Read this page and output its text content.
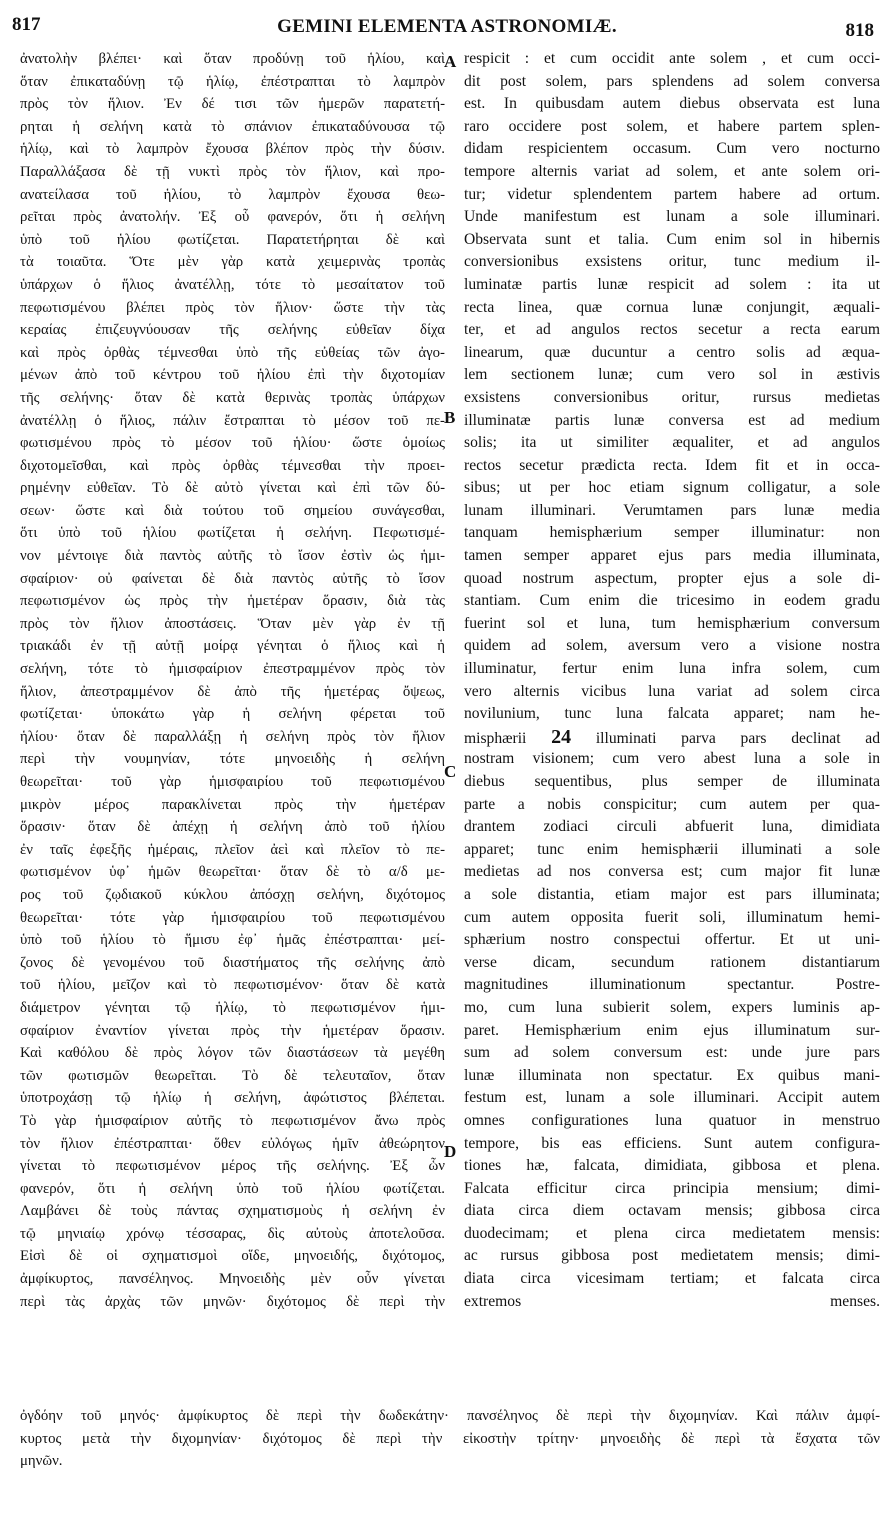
817	GEMINI ELEMENTA ASTRONOMIÆ.	818
ἀνατολὴν βλέπει· καὶ ὅταν προδύνῃ τοῦ ἡλίου, καὶ
ὅταν ἐπικαταδύνῃ τῷ ἡλίῳ, ἐπέστραπται τὸ λαμπρὸν
πρὸς τὸν ἥλιον. Ἐν δέ τισι τῶν ἡμερῶν παρατετή-
ρηται ἡ σελήνη κατὰ τὸ σπάνιον ἐπικαταδύνουσα τῷ
ἡλίῳ, καὶ τὸ λαμπρὸν ἔχουσα βλέπον πρὸς τὴν δύσιν.
Παραλλάξασα δὲ τῇ νυκτὶ πρὸς τὸν ἥλιον, καὶ προ-
ανατείλασα τοῦ ἡλίου, τὸ λαμπρὸν ἔχουσα θεω-
ρεῖται πρὸς ἀνατολήν. Ἐξ οὗ φανερόν, ὅτι ἡ σελήνη
ὑπὸ τοῦ ἡλίου φωτίζεται. Παρατετήρηται δὲ καὶ
τὰ τοιαῦτα. Ὅτε μὲν γὰρ κατὰ χειμερινὰς τροπὰς
ὑπάρχων ὁ ἥλιος ἀνατέλλῃ, τότε τὸ μεσαίτατον τοῦ
πεφωτισμένου βλέπει πρὸς τὸν ἥλιον· ὥστε τὴν τὰς
κεραίας ἐπιζευγνύουσαν τῆς σελήνης εὐθεῖαν δίχα
καὶ πρὸς ὀρθὰς τέμνεσθαι ὑπὸ τῆς εὐθείας τῶν ἀγο-
μένων ἀπὸ τοῦ κέντρου τοῦ ἡλίου ἐπὶ τὴν διχοτομίαν
τῆς σελήνης· ὅταν δὲ κατὰ θερινὰς τροπὰς ὑπάρχων
ἀνατέλλῃ ὁ ἥλιος, πάλιν ἔστραπται τὸ μέσον τοῦ πε-
φωτισμένου πρὸς τὸ μέσον τοῦ ἡλίου· ὥστε ὁμοίως
διχοτομεῖσθαι, καὶ πρὸς ὀρθὰς τέμνεσθαι τὴν προει-
ρημένην εὐθεῖαν. Τὸ δὲ αὐτὸ γίνεται καὶ ἐπὶ τῶν δύ-
σεων· ὥστε καὶ διὰ τούτου τοῦ σημείου συνάγεσθαι,
ὅτι ὑπὸ τοῦ ἡλίου φωτίζεται ἡ σελήνη. Πεφωτισμέ-
νον μέντοιγε διὰ παντὸς αὐτῆς τὸ ἴσον ἐστὶν ὡς ἡμι-
σφαίριον· οὐ φαίνεται δὲ διὰ παντὸς αὐτῆς τὸ ἴσον
πεφωτισμένον ὡς πρὸς τὴν ἡμετέραν ὅρασιν, διὰ τὰς
πρὸς τὸν ἥλιον ἀποστάσεις. Ὅταν μὲν γὰρ ἐν τῇ
τριακάδι ἐν τῇ αὐτῇ μοίρᾳ γένηται ὁ ἥλιος καὶ ἡ
σελήνη, τότε τὸ ἡμισφαίριον ἐπεστραμμένον πρὸς τὸν
ἥλιον, ἀπεστραμμένον δὲ ἀπὸ τῆς ἡμετέρας ὄψεως,
φωτίζεται· ὑποκάτω γὰρ ἡ σελήνη φέρεται τοῦ
ἡλίου· ὅταν δὲ παραλλάξῃ ἡ σελήνη πρὸς τὸν ἥλιον
περὶ τὴν νουμηνίαν, τότε μηνοειδὴς ἡ σελήνη
θεωρεῖται· τοῦ γὰρ ἡμισφαιρίου τοῦ πεφωτισμένου
μικρὸν μέρος παρακλίνεται πρὸς τὴν ἡμετέραν
ὅρασιν· ὅταν δὲ ἀπέχῃ ἡ σελήνη ἀπὸ τοῦ ἡλίου
ἐν ταῖς ἐφεξῆς ἡμέραις, πλεῖον ἀεὶ καὶ πλεῖον τὸ πε-
φωτισμένον ὑφ᾽ ἡμῶν θεωρεῖται· ὅταν δὲ τὸ α/δ με-
ρος τοῦ ζῳδιακοῦ κύκλου ἀπόσχῃ σελήνη, διχότομος
θεωρεῖται· τότε γὰρ ἡμισφαιρίου τοῦ πεφωτισμένου
ὑπὸ τοῦ ἡλίου τὸ ἥμισυ ἐφ᾽ ἡμᾶς ἐπέστραπται· μεί-
ζονος δὲ γενομένου τοῦ διαστήματος τῆς σελήνης ἀπὸ
τοῦ ἡλίου, μεῖζον καὶ τὸ πεφωτισμένον· ὅταν δὲ κατὰ
διάμετρον γένηται τῷ ἡλίῳ, τὸ πεφωτισμένον ἡμι-
σφαίριον ἐναντίον γίνεται πρὸς τὴν ἡμετέραν ὅρασιν.
Καὶ καθόλου δὲ πρὸς λόγον τῶν διαστάσεων τὰ μεγέθη
τῶν φωτισμῶν θεωρεῖται. Τὸ δὲ τελευταῖον, ὅταν
ὑποτροχάσῃ τῷ ἡλίῳ ἡ σελήνη, ἀφώτιστος βλέπεται.
Τὸ γὰρ ἡμισφαίριον αὐτῆς τὸ πεφωτισμένον ἄνω πρὸς
τὸν ἥλιον ἐπέστραπται· ὅθεν εὐλόγως ἡμῖν ἀθεώρητον
γίνεται τὸ πεφωτισμένον μέρος τῆς σελήνης. Ἐξ ὧν
φανερόν, ὅτι ἡ σελήνη ὑπὸ τοῦ ἡλίου φωτίζεται.
Λαμβάνει δὲ τοὺς πάντας σχηματισμοὺς ἡ σελήνη ἐν
τῷ μηνιαίῳ χρόνῳ τέσσαρας, δὶς αὐτοὺς ἀποτελοῦσα.
Εἰσὶ δὲ οἱ σχηματισμοὶ οἵδε, μηνοειδής, διχότομος,
ἀμφίκυρτος, πανσέληνος. Μηνοειδὴς μὲν οὖν γίνεται
περὶ τὰς ἀρχὰς τῶν μηνῶν· διχότομος δὲ περὶ τὴν
A
B
C
D
respicit : et cum occidit ante solem , et cum occi-
dit post solem, pars splendens ad solem conversa
est. In quibusdam autem diebus observata est luna
raro occidere post solem, et habere partem splen-
didam respicientem occasum. Cum vero nocturno
tempore alternis variat ad solem, et ante solem ori-
tur; videtur splendentem partem habere ad ortum.
Unde manifestum est lunam a sole illuminari.
Observata sunt et talia. Cum enim sol in hibernis
conversionibus exsistens oritur, tunc medium il-
luminatæ partis lunæ respicit ad solem : ita ut
recta linea, quæ cornua lunæ conjungit, æquali-
ter, et ad angulos rectos secetur a recta earum
linearum, quæ ducuntur a centro solis ad æqua-
lem sectionem lunæ; cum vero sol in æstivis
exsistens conversionibus oritur, rursus medietas
illuminatæ partis lunæ conversa est ad medium
solis; ita ut similiter æqualiter, et ad angulos
rectos secetur prædicta recta. Idem fit et in occa-
sibus; ut per hoc etiam signum colligatur, a sole
lunam illuminari. Verumtamen pars lunæ media
tanquam hemisphærium semper illuminatur: non
tamen semper apparet ejus pars media illuminata,
quoad nostrum aspectum, propter ejus a sole di-
stantiam. Cum enim die tricesimo in eodem gradu
fuerint sol et luna, tum hemisphærium conversum
quidem ad solem, aversum vero a visione nostra
illuminatur, fertur enim luna infra solem, cum
vero alternis vicibus luna variat ad solem circa
novilunium, tunc luna falcata apparet; nam he-
misphærii 24 illuminati parva pars declinat ad
nostram visionem; cum vero abest luna a sole in
diebus sequentibus, plus semper de illuminata
parte a nobis conspicitur; cum autem per qua-
drantem zodiaci circuli abfuerit luna, dimidiata
apparet; tunc enim hemisphærii illuminati a sole
medietas ad nos conversa est; cum major fit lunæ
a sole distantia, etiam major est pars illuminata;
cum autem opposita fuerit soli, illuminatum hemi-
sphærium nostro conspectui offertur. Et ut uni-
verse dicam, secundum rationem distantiarum
magnitudines illuminationum spectantur. Postre-
mo, cum luna subierit solem, expers luminis ap-
paret. Hemisphærium enim ejus illuminatum sur-
sum ad solem conversum est: unde jure pars
lunæ illuminata non spectatur. Ex quibus mani-
festum est, lunam a sole illuminari. Accipit autem
omnes configurationes luna quatuor in menstruo
tempore, bis eas efficiens. Sunt autem configura-
tiones hæ, falcata, dimidiata, gibbosa et plena.
Falcata efficitur circa principia mensium; dimi-
diata circa diem octavam mensis; gibbosa circa
duodecimam; et plena circa medietatem mensis:
ac rursus gibbosa post medietatem mensis; dimi-
diata circa vicesimam tertiam; et falcata circa
extremos menses.
ὀγδόην τοῦ μηνός· ἀμφίκυρτος δὲ περὶ τὴν δωδεκάτην· πανσέληνος δὲ περὶ τὴν διχομηνίαν. Καὶ πάλιν ἀμφί-
κυρτος μετὰ τὴν διχομηνίαν· διχότομος δὲ περὶ τὴν εἰκοστὴν τρίτην· μηνοειδὴς δὲ περὶ τὰ ἔσχατα τῶν
μηνῶν.
